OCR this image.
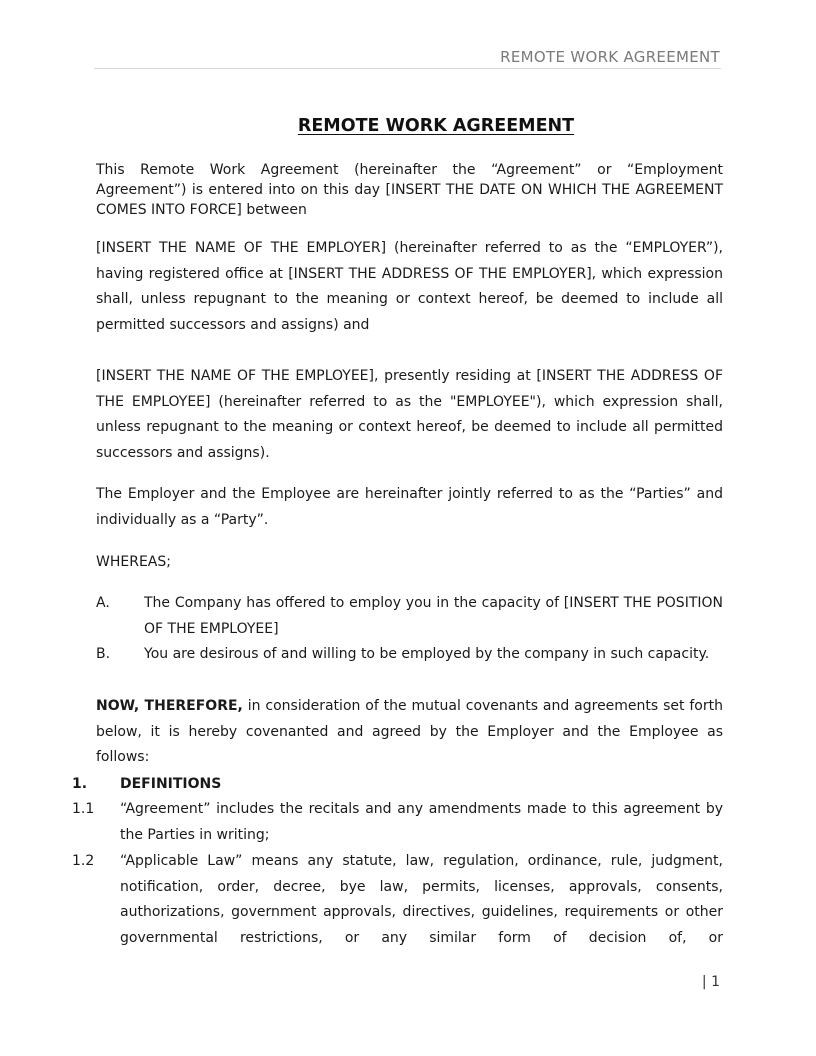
REMOTE WORK AGREEMENT
REMOTE WORK AGREEMENT
This Remote Work Agreement (hereinafter the “Agreement” or “Employment Agreement”) is entered into on this day [INSERT THE DATE ON WHICH THE AGREEMENT COMES INTO FORCE] between
[INSERT THE NAME OF THE EMPLOYER] (hereinafter referred to as the “EMPLOYER”), having registered office at [INSERT THE ADDRESS OF THE EMPLOYER], which expression shall, unless repugnant to the meaning or context hereof, be deemed to include all permitted successors and assigns) and
[INSERT THE NAME OF THE EMPLOYEE], presently residing at [INSERT THE ADDRESS OF THE EMPLOYEE] (hereinafter referred to as the "EMPLOYEE"), which expression shall, unless repugnant to the meaning or context hereof, be deemed to include all permitted successors and assigns).
The Employer and the Employee are hereinafter jointly referred to as the “Parties” and individually as a “Party”.
WHEREAS;
A. The Company has offered to employ you in the capacity of [INSERT THE POSITION OF THE EMPLOYEE]
B. You are desirous of and willing to be employed by the company in such capacity.
NOW, THEREFORE, in consideration of the mutual covenants and agreements set forth below, it is hereby covenanted and agreed by the Employer and the Employee as follows:
1. DEFINITIONS
1.1 “Agreement” includes the recitals and any amendments made to this agreement by the Parties in writing;
1.2 “Applicable Law” means any statute, law, regulation, ordinance, rule, judgment, notification, order, decree, bye law, permits, licenses, approvals, consents, authorizations, government approvals, directives, guidelines, requirements or other governmental restrictions, or any similar form of decision of, or
| 1
